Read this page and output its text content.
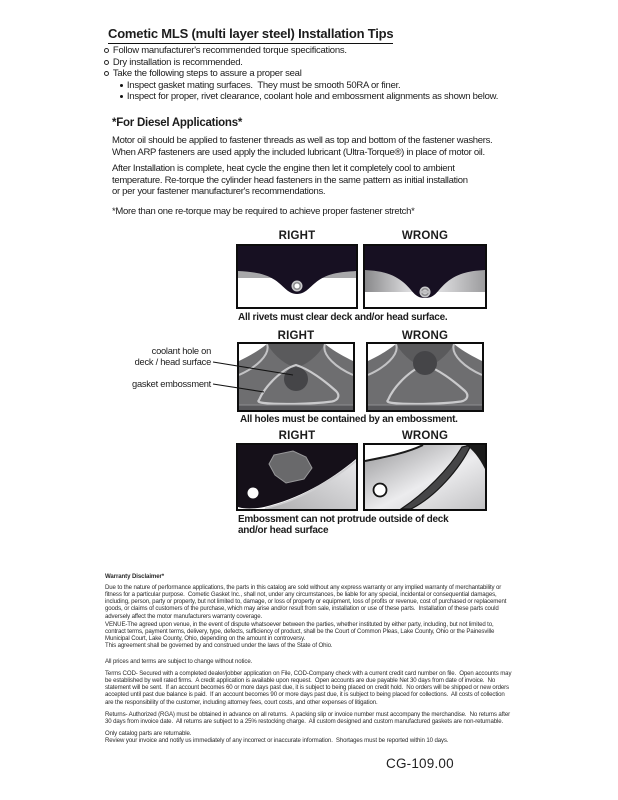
Cometic MLS (multi layer steel) Installation Tips
Follow manufacturer's recommended torque specifications.
Dry installation is recommended.
Take the following steps to assure a proper seal
Inspect gasket mating surfaces.  They must be smooth 50RA or finer.
Inspect for proper, rivet clearance, coolant hole and embossment alignments as shown below.
*For Diesel Applications*
Motor oil should be applied to fastener threads as well as top and bottom of the fastener washers.
When ARP fasteners are used apply the included lubricant (Ultra-Torque®) in place of motor oil.
After Installation is complete, heat cycle the engine then let it completely cool to ambient
temperature. Re-torque the cylinder head fasteners in the same pattern as initial installation
or per your fastener manufacturer's recommendations.
*More than one re-torque may be required to achieve proper fastener stretch*
RIGHT	WRONG
All rivets must clear deck and/or head surface.
RIGHT	WRONG
coolant hole on
deck / head surface
gasket embossment
All holes must be contained by an embossment.
RIGHT	WRONG
Embossment can not protrude outside of deck
and/or head surface
Warranty Disclaimer*
Due to the nature of performance applications, the parts in this catalog are sold without any express warranty or any implied warranty of merchantability or
fitness for a particular purpose.  Cometic Gasket Inc., shall not, under any circumstances, be liable for any special, incidental or consequential damages,
including, person, party or property, but not limited to, damage, or loss of property or equipment, loss of profits or revenue, cost of purchased or replacement
goods, or claims of customers of the purchase, which may arise and/or result from sale, installation or use of these parts.  Installation of these parts could
adversely affect the motor manufacturers warranty coverage.
VENUE-The agreed upon venue, in the event of dispute whatsoever between the parties, whether instituted by either party, including, but not limited to,
contract terms, payment terms, delivery, type, defects, sufficiency of product, shall be the Court of Common Pleas, Lake County, Ohio or the Painesville
Municipal Court, Lake County, Ohio, depending on the amount in controversy.
This agreement shall be governed by and construed under the laws of the State of Ohio.
All prices and terms are subject to change without notice.
Terms COD- Secured with a completed dealer/jobber application on File, COD-Company check with a current credit card number on file.  Open accounts may
be established by well rated firms.  A credit application is available upon request.  Open accounts are due payable Net 30 days from date of invoice.  No
statement will be sent.  If an account becomes 60 or more days past due, it is subject to being placed on credit hold.  No orders will be shipped or new orders
accepted until past due balance is paid.  If an account becomes 90 or more days past due, it is subject to being placed for collections.  All costs of collection
are the responsibility of the customer, including attorney fees, court costs, and other expenses of litigation.
Returns- Authorized (RGA) must be obtained in advance on all returns.  A packing slip or invoice number must accompany the merchandise.  No returns after
30 days from invoice date.  All returns are subject to a 25% restocking charge.  All custom designed and custom manufactured gaskets are non-returnable.
Only catalog parts are returnable.
Review your invoice and notify us immediately of any incorrect or inaccurate information.  Shortages must be reported within 10 days.
CG-109.00
